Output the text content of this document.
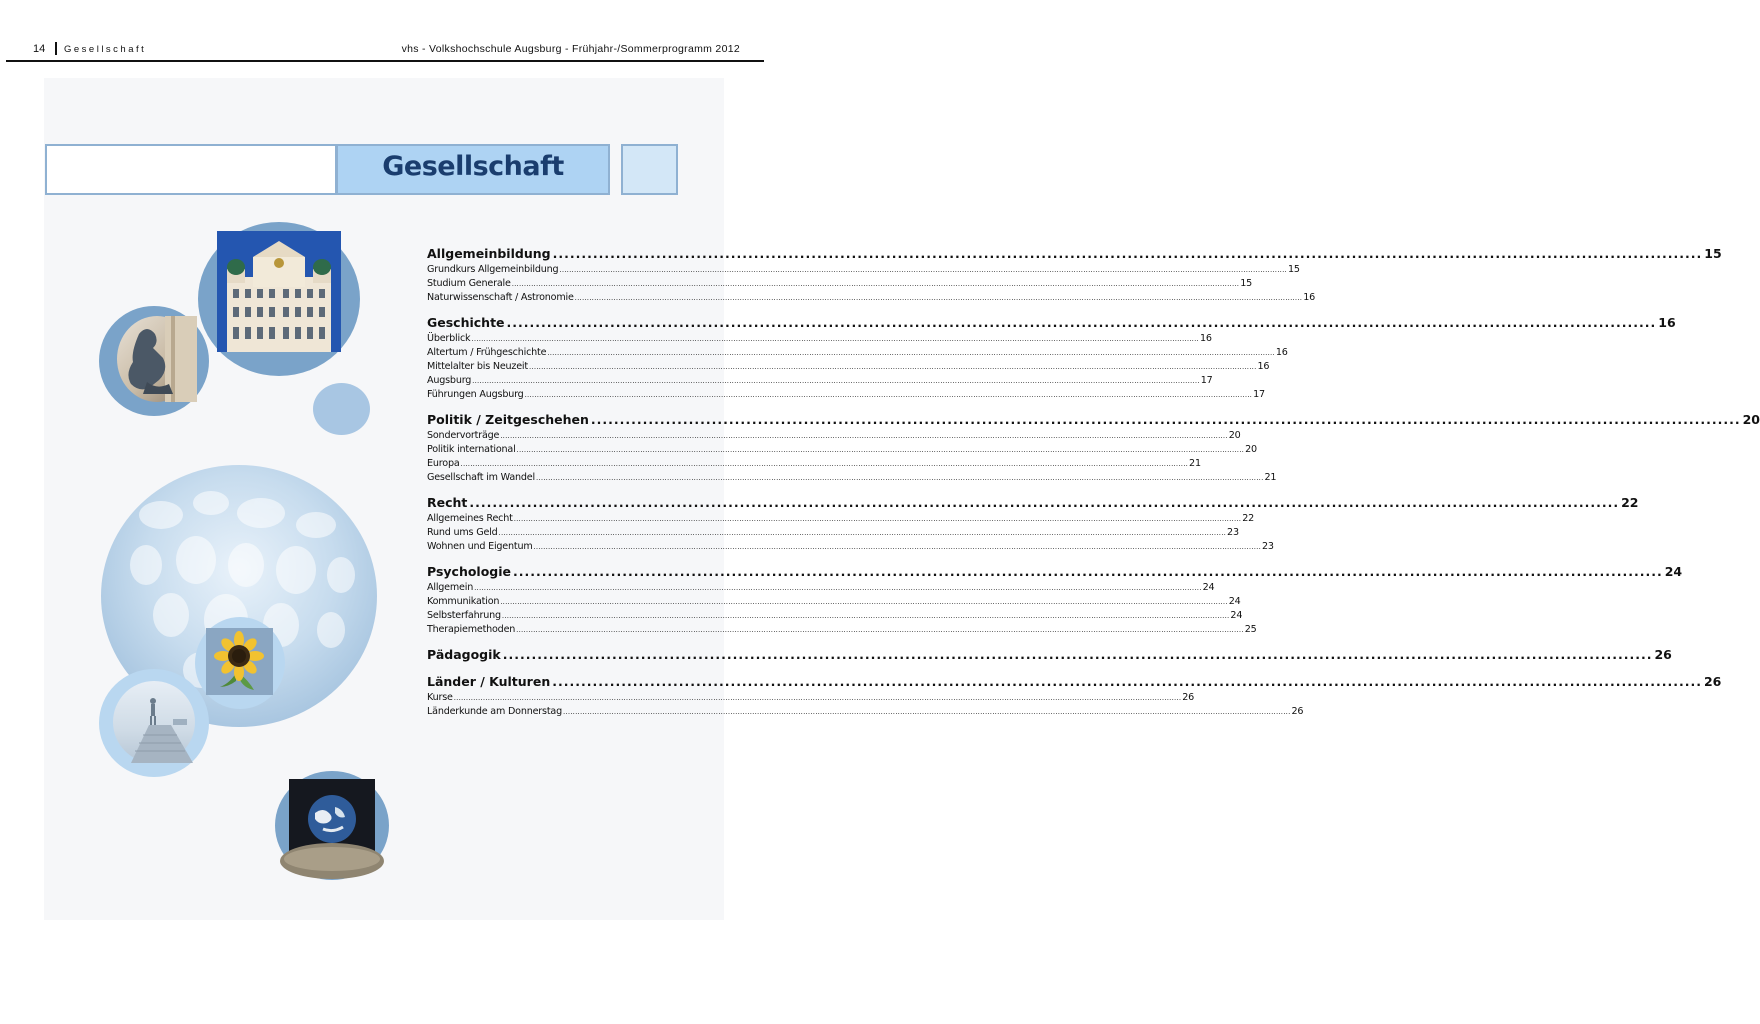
14 Gesellschaft	vhs - Volkshochschule Augsburg - Frühjahr-/Sommerprogramm 2012
Gesellschaft
Allgemeinbildung ........................................................................................................................................................................................................ 15
Grundkurs Allgemeinbildung ............................................................................................................................................................................................................................................................................................................ 15
Studium Generale ............................................................................................................................................................................................................................................................................................................ 15
Naturwissenschaft / Astronomie ............................................................................................................................................................................................................................................................................................................ 16
Geschichte ........................................................................................................................................................................................................ 16
Überblick ............................................................................................................................................................................................................................................................................................................ 16
Altertum / Frühgeschichte ............................................................................................................................................................................................................................................................................................................ 16
Mittelalter bis Neuzeit ............................................................................................................................................................................................................................................................................................................ 16
Augsburg ............................................................................................................................................................................................................................................................................................................ 17
Führungen Augsburg ............................................................................................................................................................................................................................................................................................................ 17
Politik / Zeitgeschehen ........................................................................................................................................................................................................ 20
Sondervorträge ............................................................................................................................................................................................................................................................................................................ 20
Politik international ............................................................................................................................................................................................................................................................................................................ 20
Europa ............................................................................................................................................................................................................................................................................................................ 21
Gesellschaft im Wandel ............................................................................................................................................................................................................................................................................................................ 21
Recht ........................................................................................................................................................................................................ 22
Allgemeines Recht ............................................................................................................................................................................................................................................................................................................ 22
Rund ums Geld ............................................................................................................................................................................................................................................................................................................ 23
Wohnen und Eigentum ............................................................................................................................................................................................................................................................................................................ 23
Psychologie ........................................................................................................................................................................................................ 24
Allgemein ............................................................................................................................................................................................................................................................................................................ 24
Kommunikation ............................................................................................................................................................................................................................................................................................................ 24
Selbsterfahrung ............................................................................................................................................................................................................................................................................................................ 24
Therapiemethoden ............................................................................................................................................................................................................................................................................................................ 25
Pädagogik ........................................................................................................................................................................................................ 26
Länder / Kulturen ........................................................................................................................................................................................................ 26
Kurse ............................................................................................................................................................................................................................................................................................................ 26
Länderkunde am Donnerstag ............................................................................................................................................................................................................................................................................................................ 26
